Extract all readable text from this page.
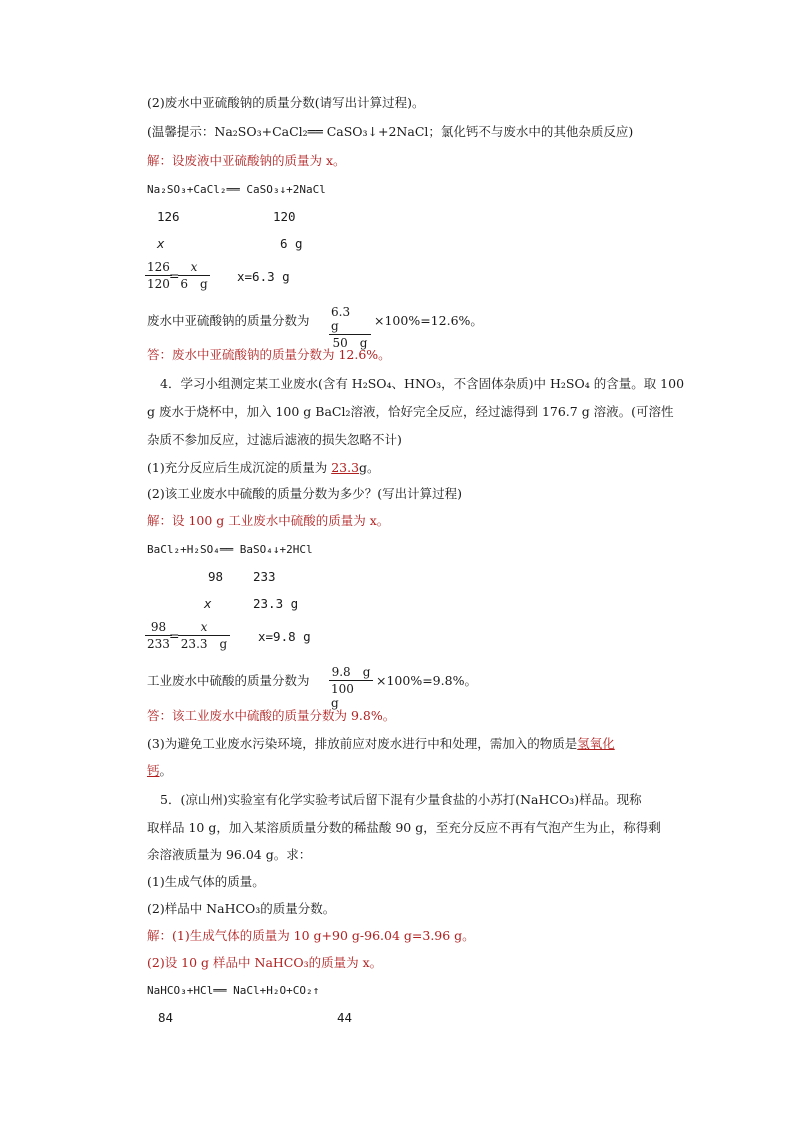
(2)废水中亚硫酸钠的质量分数(请写出计算过程)。
(温馨提示：Na₂SO₃+CaCl₂══ CaSO₃↓+2NaCl；氯化钙不与废水中的其他杂质反应)
解：设废液中亚硫酸钠的质量为 x。
Na₂SO₃+CaCl₂══ CaSO₃↓+2NaCl
126	120
x	6 g
126
120
=
x
6　g x=6.3 g
废水中亚硫酸钠的质量分数为
6.3　g
50　g
×100%=12.6%。
答：废水中亚硫酸钠的质量分数为 12.6%。
4．学习小组测定某工业废水(含有 H₂SO₄、HNO₃，不含固体杂质)中 H₂SO₄ 的含量。取 100
g 废水于烧杯中，加入 100 g BaCl₂溶液，恰好完全反应，经过滤得到 176.7 g 溶液。(可溶性
杂质不参加反应，过滤后滤液的损失忽略不计)
(1)充分反应后生成沉淀的质量为 23.3g。
(2)该工业废水中硫酸的质量分数为多少？(写出计算过程)
解：设 100 g 工业废水中硫酸的质量为 x。
BaCl₂+H₂SO₄══ BaSO₄↓+2HCl
98 233
x	23.3 g
98
233
=
x
23.3　g x=9.8 g
工业废水中硫酸的质量分数为
9.8　g
100　g
×100%=9.8%。
答：该工业废水中硫酸的质量分数为 9.8%。
(3)为避免工业废水污染环境，排放前应对废水进行中和处理，需加入的物质是氢氧化
钙。
5．(凉山州)实验室有化学实验考试后留下混有少量食盐的小苏打(NaHCO₃)样品。现称
取样品 10 g，加入某溶质质量分数的稀盐酸 90 g，至充分反应不再有气泡产生为止，称得剩
余溶液质量为 96.04 g。求：
(1)生成气体的质量。
(2)样品中 NaHCO₃的质量分数。
解：(1)生成气体的质量为 10 g+90 g-96.04 g=3.96 g。
(2)设 10 g 样品中 NaHCO₃的质量为 x。
NaHCO₃+HCl══ NaCl+H₂O+CO₂↑
84	44
